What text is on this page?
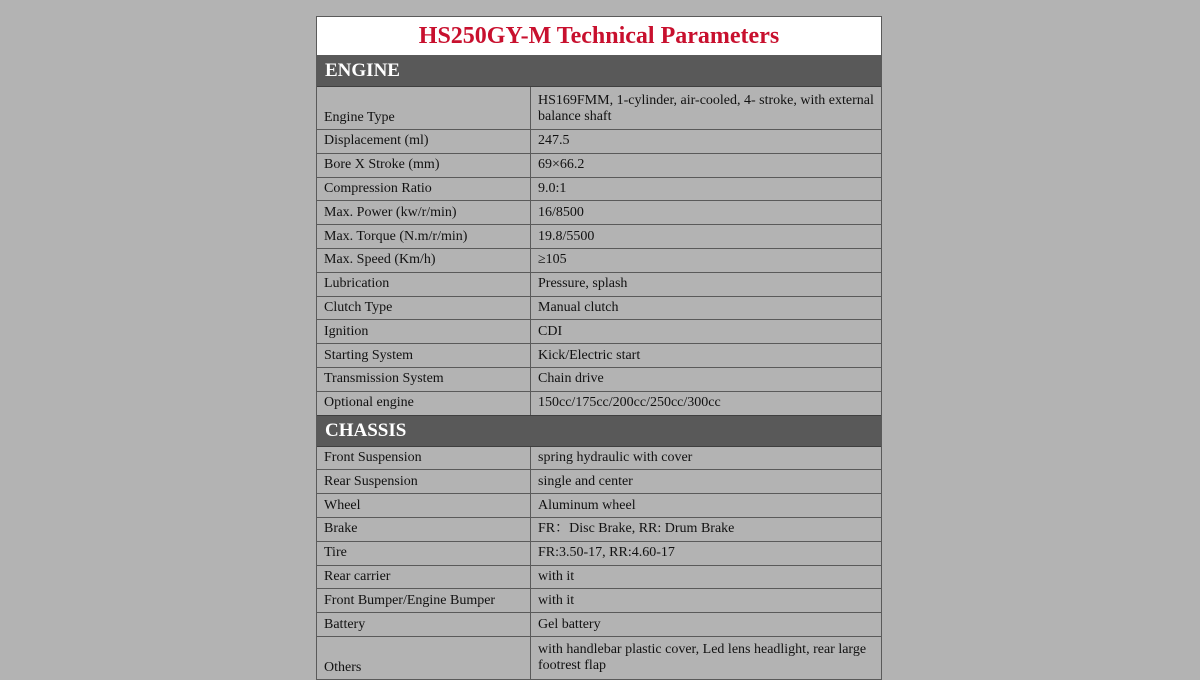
HS250GY-M Technical Parameters
ENGINE
Engine Type	HS169FMM, 1-cylinder, air-cooled, 4- stroke, with external balance shaft
Displacement (ml)	247.5
Bore X Stroke (mm)	69×66.2
Compression Ratio	9.0:1
Max. Power (kw/r/min)	16/8500
Max. Torque (N.m/r/min)	19.8/5500
Max. Speed (Km/h)	≥105
Lubrication	Pressure, splash
Clutch Type	Manual clutch
Ignition	CDI
Starting System	Kick/Electric start
Transmission System	Chain drive
Optional engine	150cc/175cc/200cc/250cc/300cc
CHASSIS
Front Suspension	spring hydraulic with cover
Rear Suspension	single and center
Wheel	Aluminum wheel
Brake	FR：Disc Brake, RR: Drum Brake
Tire	FR:3.50-17, RR:4.60-17
Rear carrier	with it
Front Bumper/Engine Bumper	with it
Battery	Gel battery
Others	with handlebar plastic cover, Led lens headlight, rear large footrest flap
